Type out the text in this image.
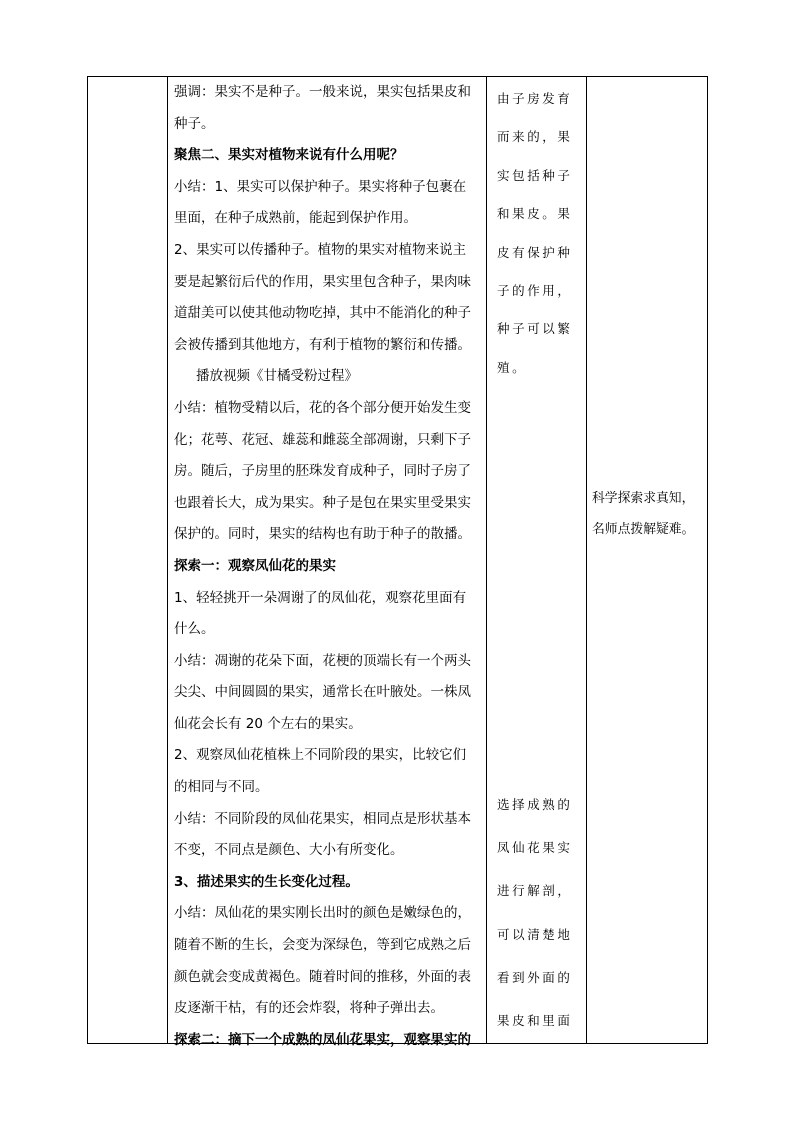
强调：果实不是种子。一般来说，果实包括果皮和

种子。

聚焦二、果实对植物来说有什么用呢？

小结：1、果实可以保护种子。果实将种子包裹在

里面，在种子成熟前，能起到保护作用。

2、果实可以传播种子。植物的果实对植物来说主

要是起繁衍后代的作用，果实里包含种子，果肉味

道甜美可以使其他动物吃掉，其中不能消化的种子

会被传播到其他地方，有利于植物的繁衍和传播。

播放视频《甘橘受粉过程》

小结：植物受精以后，花的各个部分便开始发生变

化；花萼、花冠、雄蕊和雌蕊全部凋谢，只剩下子

房。随后，子房里的胚珠发育成种子，同时子房了

也跟着长大，成为果实。种子是包在果实里受果实

保护的。同时，果实的结构也有助于种子的散播。

探索一：观察凤仙花的果实

1、轻轻挑开一朵凋谢了的凤仙花，观察花里面有

什么。

小结：凋谢的花朵下面，花梗的顶端长有一个两头

尖尖、中间圆圆的果实，通常长在叶腋处。一株凤

仙花会长有 20 个左右的果实。

2、观察凤仙花植株上不同阶段的果实，比较它们

的相同与不同。

小结：不同阶段的凤仙花果实，相同点是形状基本

不变，不同点是颜色、大小有所变化。

3、描述果实的生长变化过程。

小结：凤仙花的果实刚长出时的颜色是嫩绿色的，

随着不断的生长，会变为深绿色，等到它成熟之后

颜色就会变成黄褐色。随着时间的推移，外面的表

皮逐渐干枯，有的还会炸裂，将种子弹出去。

探索二：摘下一个成熟的凤仙花果实，观察果实的

由子房发育

而来的，果

实包括种子

和果皮。果

皮有保护种

子的作用，

种子可以繁

殖。

选择成熟的

凤仙花果实

进行解剖，

可以清楚地

看到外面的

果皮和里面

科学探索求真知，

名师点拨解疑难。
